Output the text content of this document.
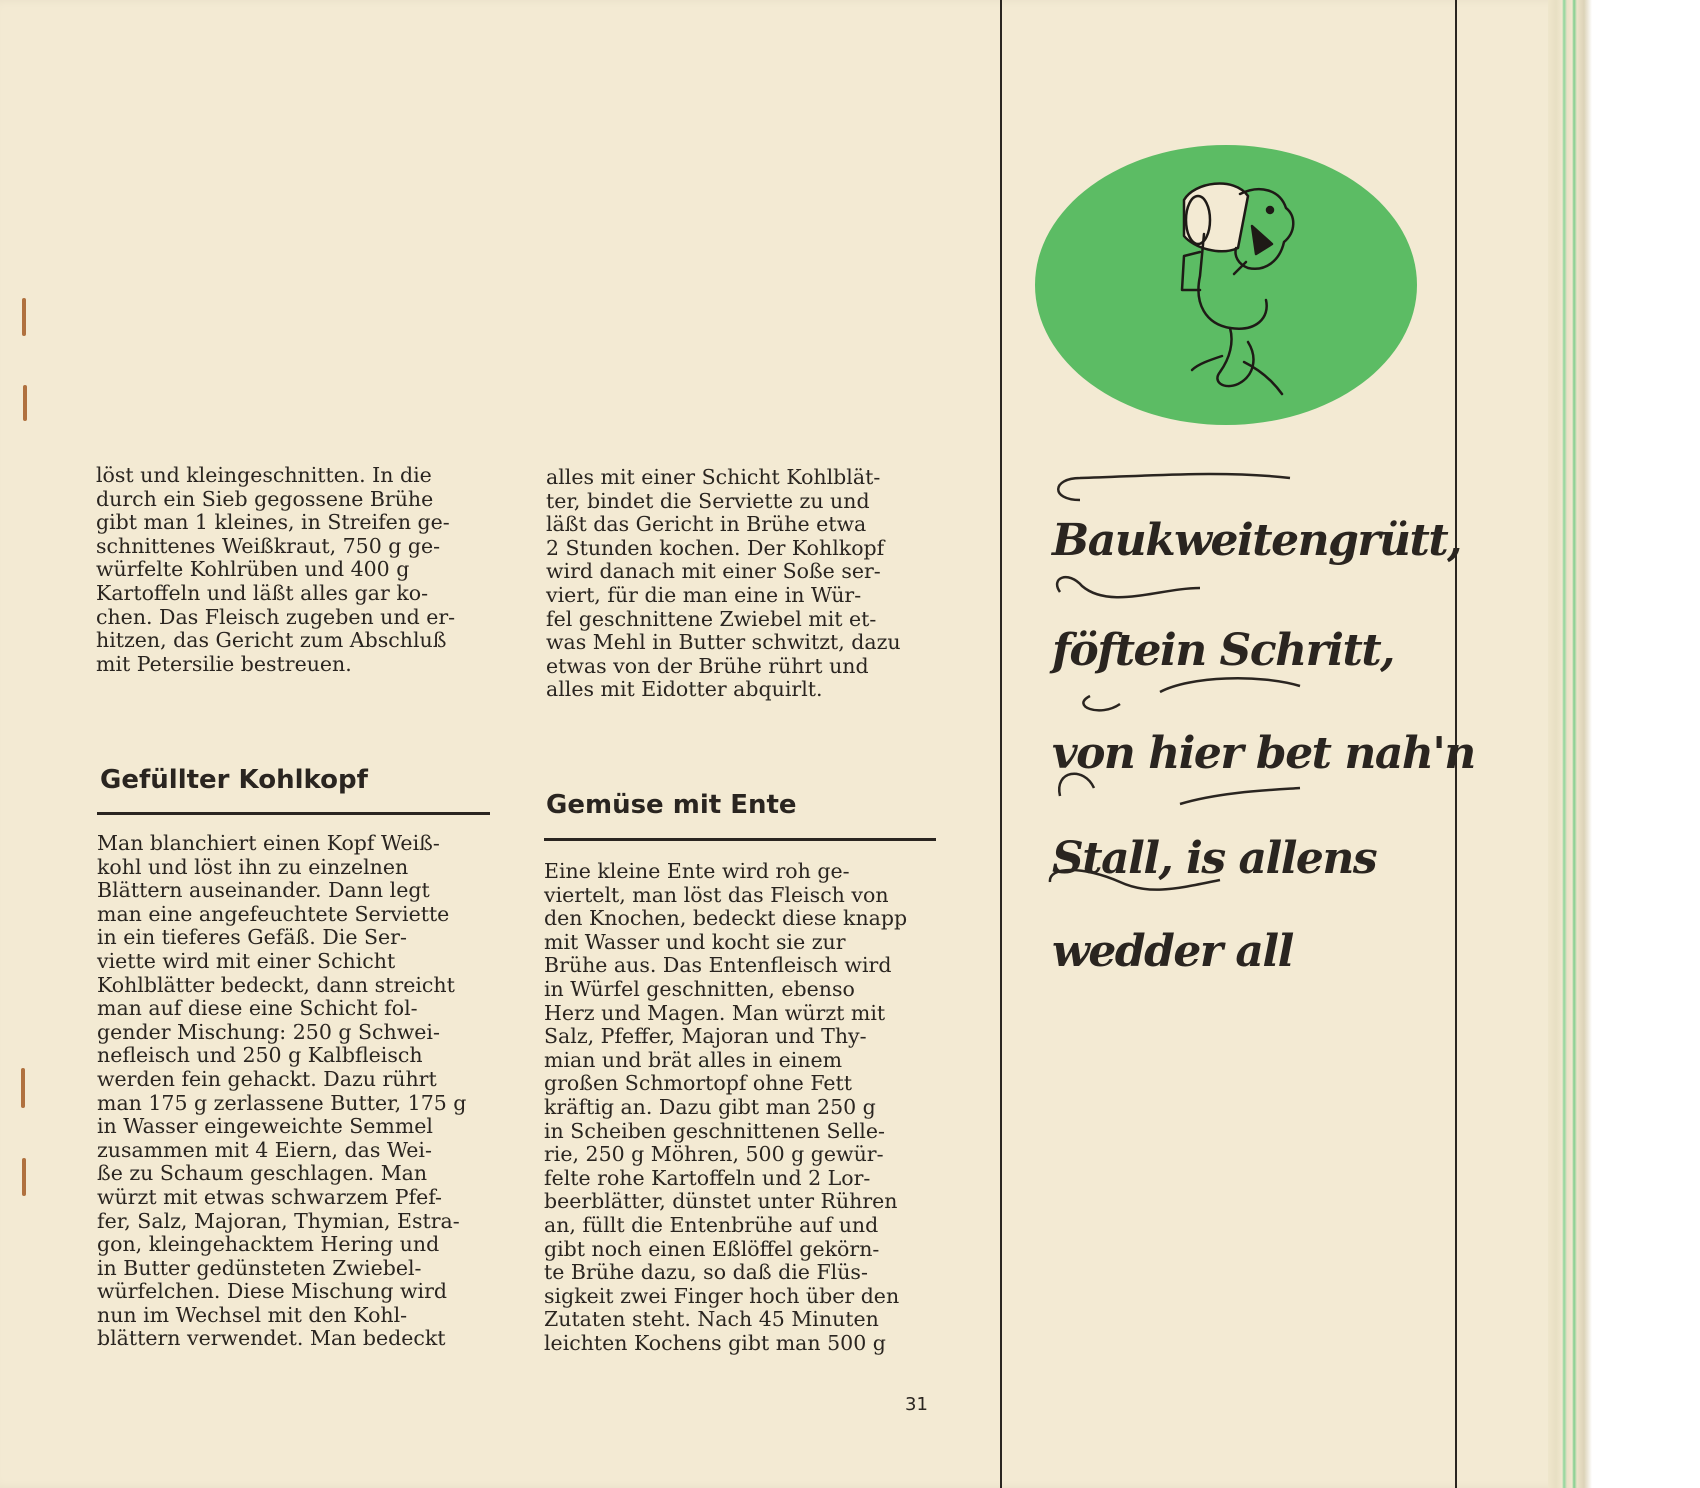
löst und kleingeschnitten. In die
durch ein Sieb gegossene Brühe
gibt man 1 kleines, in Streifen ge-
schnittenes Weißkraut, 750 g ge-
würfelte Kohlrüben und 400 g
Kartoffeln und läßt alles gar ko-
chen. Das Fleisch zugeben und er-
hitzen, das Gericht zum Abschluß
mit Petersilie bestreuen.
alles mit einer Schicht Kohlblät-
ter, bindet die Serviette zu und
läßt das Gericht in Brühe etwa
2 Stunden kochen. Der Kohlkopf
wird danach mit einer Soße ser-
viert, für die man eine in Wür-
fel geschnittene Zwiebel mit et-
was Mehl in Butter schwitzt, dazu
etwas von der Brühe rührt und
alles mit Eidotter abquirlt.
Gefüllter Kohlkopf
Man blanchiert einen Kopf Weiß-
kohl und löst ihn zu einzelnen
Blättern auseinander. Dann legt
man eine angefeuchtete Serviette
in ein tieferes Gefäß. Die Ser-
viette wird mit einer Schicht
Kohlblätter bedeckt, dann streicht
man auf diese eine Schicht fol-
gender Mischung: 250 g Schwei-
nefleisch und 250 g Kalbfleisch
werden fein gehackt. Dazu rührt
man 175 g zerlassene Butter, 175 g
in Wasser eingeweichte Semmel
zusammen mit 4 Eiern, das Wei-
ße zu Schaum geschlagen. Man
würzt mit etwas schwarzem Pfef-
fer, Salz, Majoran, Thymian, Estra-
gon, kleingehacktem Hering und
in Butter gedünsteten Zwiebel-
würfelchen. Diese Mischung wird
nun im Wechsel mit den Kohl-
blättern verwendet. Man bedeckt
Gemüse mit Ente
Eine kleine Ente wird roh ge-
viertelt, man löst das Fleisch von
den Knochen, bedeckt diese knapp
mit Wasser und kocht sie zur
Brühe aus. Das Entenfleisch wird
in Würfel geschnitten, ebenso
Herz und Magen. Man würzt mit
Salz, Pfeffer, Majoran und Thy-
mian und brät alles in einem
großen Schmortopf ohne Fett
kräftig an. Dazu gibt man 250 g
in Scheiben geschnittenen Selle-
rie, 250 g Möhren, 500 g gewür-
felte rohe Kartoffeln und 2 Lor-
beerblätter, dünstet unter Rühren
an, füllt die Entenbrühe auf und
gibt noch einen Eßlöffel gekörn-
te Brühe dazu, so daß die Flüs-
sigkeit zwei Finger hoch über den
Zutaten steht. Nach 45 Minuten
leichten Kochens gibt man 500 g
31
Baukweitengrütt,
föftein Schritt,
von hier bet nah'n
Stall, is allens
wedder all
